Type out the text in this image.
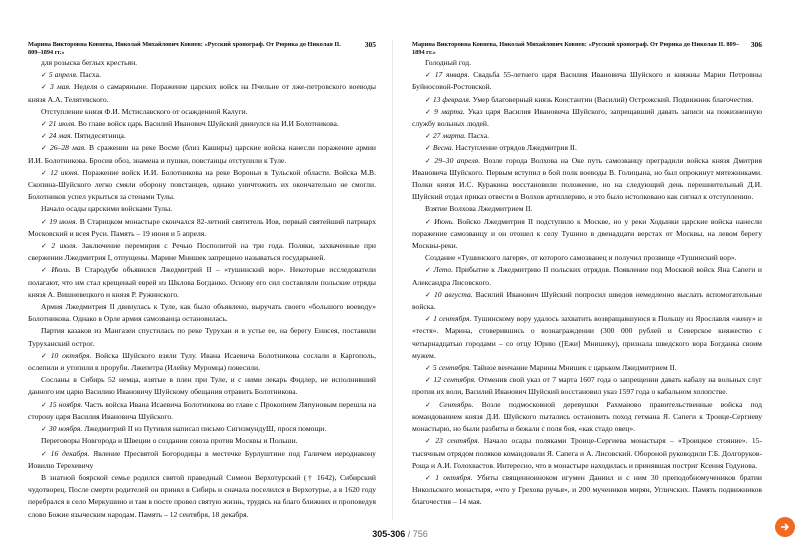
Марина Викторовна Ковнева, Николай Михайлович Ковнев: «Русский хронограф. От Рюрика до Николая II. 809–1894 гг.»
305

для розыска беглых крестьян.

✓ 5 апреля. Пасха.

✓ 3 мая. Неделя о самаряныне. Поражение царских войск на Пчельне от лже-петровского воеводы князя А.А. Телятевского.

Отступление князя Ф.И. Мстиславского от осажденной Калуги.

✓ 21 июля. Во главе войск царь Василий Иванович Шуйский двинулся на И.И Болотникова.

✓ 24 мая. Пятидесятница.

✓ 26–28 мая. В сражении на реке Восме (близ Каширы) царские войска нанесли поражение армии И.И. Болотникова. Бросив обоз, знамена и пушки, повстанцы отступили к Туле.

✓ 12 июня. Поражение войск И.И. Болотникова на реке Вороньи в Тульской области. Войска М.В. Скопина-Шуйского легко смяли оборону повстанцев, однако уничтожить их окончательно не смогли. Болотников успел укрыться за стенами Тулы.

Начало осады царскими войсками Тулы.

✓ 19 июня. В Старицком монастыре скончался 82-летний святитель Иов, первый святейший патриарх Московский и всея Руси. Память – 19 июня и 5 апреля.

✓ 2 июля. Заключение перемирия с Речью Посполитой на три года. Поляки, захваченные при свержении Лжедмитрия I, отпущены. Марине Мнишек запрещено называться государыней.

✓ Июль. В Стародубе объявился Лжедмитрий II – «тушинский вор». Некоторые исследователи полагают, что им стал крещеный еврей из Шклова Богданко. Основу его сил составляли польские отряды князя А. Вишневецкого и князя Р. Ружинского.

Армия Лжедмитрия II двинулась к Туле, как было объявлено, выручать своего «большого воеводу» Болотникова. Однако в Орле армия самозванца остановилась.

Партия казаков из Мангазеи спустилась по реке Турухан и в устье ее, на берегу Енисея, поставили Туруханский острог.

✓ 10 октября. Войска Шуйского взяли Тулу. Ивана Исаевича Болотникова сослали в Каргополь, ослепили и утопили в проруби. Лжепетра (Илейку Муромца) повесили.

Сосланы в Сибирь 52 немца, взятые в плен при Туле, и с ними лекарь Фидлер, не исполнивший данного им царю Василию Ивановичу Шуйскому обещания отравить Болотникова.

✓ 15 ноября. Часть войска Ивана Исаевича Болотникова во главе с Прокопием Ляпуновым перешла на сторону царя Василия Ивановича Шуйского.

✓ 30 ноября. Лжедмитрий II из Путивля написал письмо СигизмундуШ, прося помощи.

Переговоры Новгорода и Швеции о создании союза против Москвы и Польши.

✓ 16 декабря. Явление Пресвятой Богородицы в местечке Бурлуштине под Галичем иеродиакону Иовилю Терехевичу

В знатной боярской семье родился святой праведный Симеон Верхотурский († 1642), Сибирский чудотворец. После смерти родителей он принял в Сибирь и сначала поселился в Верхотурье, а в 1620 году перебрался в село Меркушино и там в посте провел святую жизнь, трудясь на благо ближних и проповедуя слово Божие языческим народам. Память – 12 сентября, 18 декабря.

Марина Викторовна Ковнева, Николай Михайлович Ковнев: «Русский хронограф. От Рюрика до Николая II. 809–1894 гг.»
306

Голодный год.

✓ 17 января. Свадьба 55-летнего царя Василия Ивановича Шуйского и княжны Марии Петровны Буйносовой-Ростовской.

✓ 13 февраля. Умер благоверный князь Константин (Василий) Острожский. Подвижник благочестия.

✓ 9 марта. Указ царя Василия Ивановича Шуйского, запрещавший давать записи на пожизненную службу вольных людей.

✓ 27 марта. Пасха.

✓ Весна. Наступление отрядов Лжедмитрия II.

✓ 29–30 апреля. Возле города Волхова на Оке путь самозванцу преградили войска князя Дмитрия Ивановича Шуйского. Первым вступил в бой полк воеводы В. Голицына, но был опрокинут мятежниками. Полки князя И.С. Куракина восстановили положение, но на следующий день перешнительный Д.И. Шуйский отдал приказ отвести в Волхов артиллерию, и это было истолковано как сигнал к отступлению.

Взятие Волхова Лжедмитрием II.

✓ Июнь. Войско Лжедмитрия II подступило к Москве, но у реки Ходынки царские войска нанесли поражение самозванцу и он отошел к селу Тушино в двенадцати верстах от Москвы, на левом берегу Москвы-реки.

Создание «Тушинского лагеря», от которого самозванец и получил прозвище «Тушинский вор».

✓ Лето. Прибытие к Лжедмитрию II польских отрядов. Появление под Москвой войск Яна Сапеги и Александра Лисовского.

✓ 10 августа. Василий Иванович Шуйский попросил шведов немедленно выслать вспомогательные войска.

✓ 1 сентября. Тушинскому вору удалось захватить возвращавшуюся в Польшу из Ярославля «жену» и «тестя». Марина, стоверившись о вознаграждении (300 000 рублей и Северское княжество с четырнадцатью городами – со отцу Юрию ([Ежи] Мнишеку), признала шведского вора Богданка своим мужем.

✓ 5 сентября. Тайное венчание Марины Мнишек с царьком Лжедмитрием II.

✓ 12 сентября. Отменив свой указ от 7 марта 1607 года о запрещении давать кабалу на вольных слуг против их воли, Василий Иванович Шуйский восстановил указ 1597 года о кабальном холопстве.

✓ Сентябрь. Возле подмосковной деревушки Рахманово правительственные войска под командованием князя Д.И. Шуйского пытались остановить поход гетмана Я. Сапеги к Троице-Сергиеву монастырю, но были разбиты и бежали с поля боя, «как стадо овец».

✓ 23 сентября. Начало осады поляками Троице-Сергиева монастыря – «Троицкое стояние». 15-тысячным отрядом поляков командовали Я. Сапега и А. Лисовский. Обороной руководили Г.Б. Долгоруков-Роща и А.И. Голохвастов. Интересно, что в монастыре находилась и принявшая постриг Ксения Годунова.

✓ 1 октября. Убиты священноиноком игумен Даниил и с ним 30 преподобномучеников братии Никольского монастыря, «что у Грехова ручья», и 200 мучеников мирян, Угличских. Память подвижников благочестия – 14 мая.

305-306 / 756
